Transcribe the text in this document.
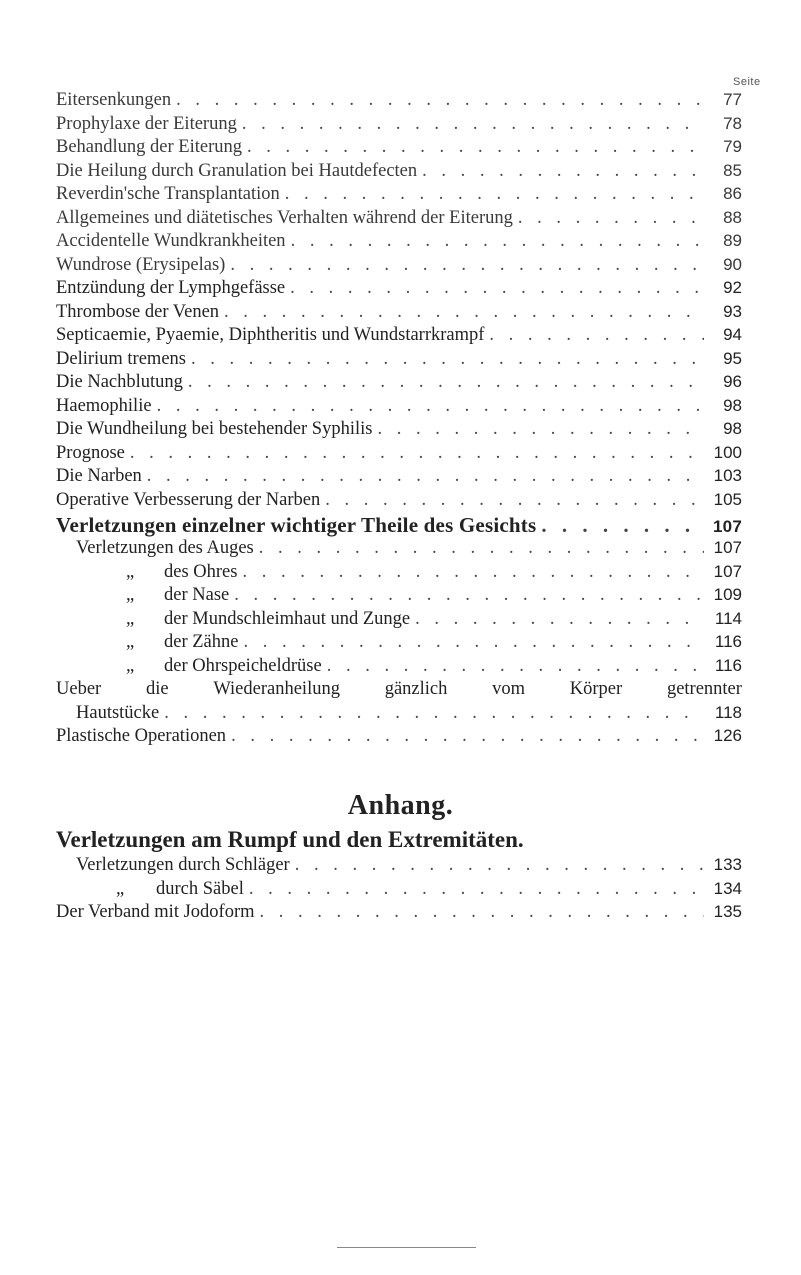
Seite
Eitersenkungen . . .	77
Prophylaxe der Eiterung . . .	78
Behandlung der Eiterung . . .	79
Die Heilung durch Granulation bei Hautdefecten . . .	85
Reverdin'sche Transplantation . . .	86
Allgemeines und diätetisches Verhalten während der Eiterung . . .	88
Accidentelle Wundkrankheiten . . .	89
Wundrose (Erysipelas) . . .	90
Entzündung der Lymphgefässe . . .	92
Thrombose der Venen . . .	93
Septicaemie, Pyaemie, Diphtheritis und Wundstarrkrampf . . .	94
Delirium tremens . . .	95
Die Nachblutung . . .	96
Haemophilie . . .	98
Die Wundheilung bei bestehender Syphilis . . .	98
Prognose . . .	100
Die Narben . . .	103
Operative Verbesserung der Narben . . .	105
Verletzungen einzelner wichtiger Theile des Gesichts . . .	107
Verletzungen des Auges . . .	107
„ des Ohres . . .	107
„ der Nase . . .	109
„ der Mundschleimhaut und Zunge . . .	114
„ der Zähne . . .	116
„ der Ohrspeicheldrüse . . .	116
Ueber die Wiederanheilung gänzlich vom Körper getrennter
Hautstücke . . .	118
Plastische Operationen . . .	126
Anhang.
Verletzungen am Rumpf und den Extremitäten.
Verletzungen durch Schläger . . .	133
„ durch Säbel . . .	134
Der Verband mit Jodoform . . .	135
